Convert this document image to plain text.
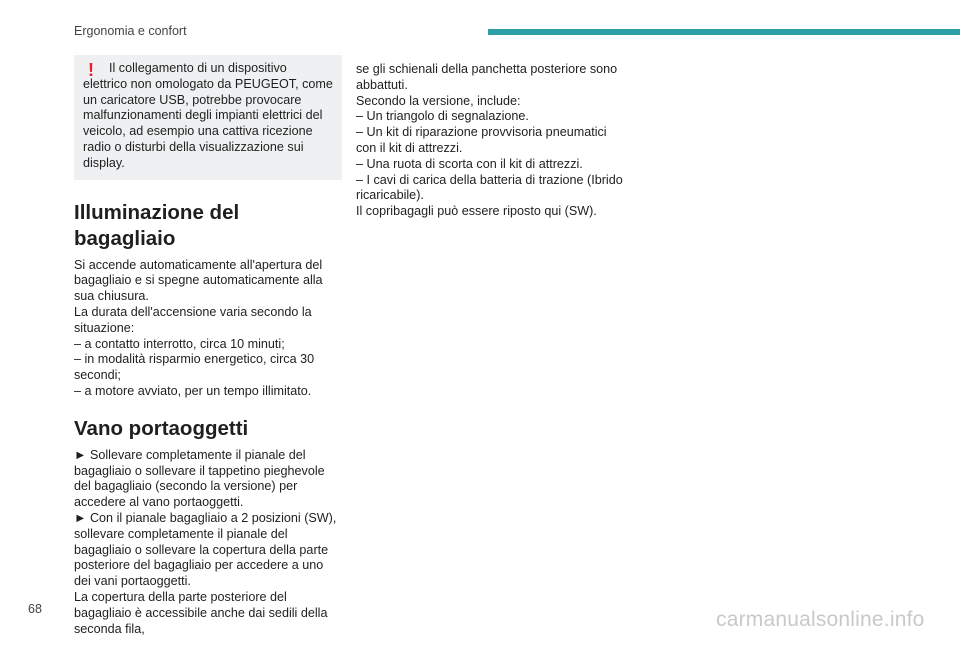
Ergonomia e confort
!	Il collegamento di un dispositivo elettrico non omologato da PEUGEOT, come un caricatore USB, potrebbe provocare malfunzionamenti degli impianti elettrici del veicolo, ad esempio una cattiva ricezione radio o disturbi della visualizzazione sui display.
Illuminazione del bagagliaio

Si accende automaticamente all'apertura del bagagliaio e si spegne automaticamente alla sua chiusura.

La durata dell'accensione varia secondo la situazione:

– a contatto interrotto, circa 10 minuti;

– in modalità risparmio energetico, circa 30 secondi;

– a motore avviato, per un tempo illimitato.

Vano portaoggetti

► Sollevare completamente il pianale del bagagliaio o sollevare il tappetino pieghevole del bagagliaio (secondo la versione) per accedere al vano portaoggetti.

► Con il pianale bagagliaio a 2 posizioni (SW), sollevare completamente il pianale del bagagliaio o sollevare la copertura della parte posteriore del bagagliaio per accedere a uno dei vani portaoggetti.

La copertura della parte posteriore del bagagliaio è accessibile anche dai sedili della seconda fila,

se gli schienali della panchetta posteriore sono abbattuti.

Secondo la versione, include:

– Un triangolo di segnalazione.

– Un kit di riparazione provvisoria pneumatici con il kit di attrezzi.

– Una ruota di scorta con il kit di attrezzi.

– I cavi di carica della batteria di trazione (Ibrido ricaricabile).

Il copribagagli può essere riposto qui (SW).

68	carmanualsonline.info
